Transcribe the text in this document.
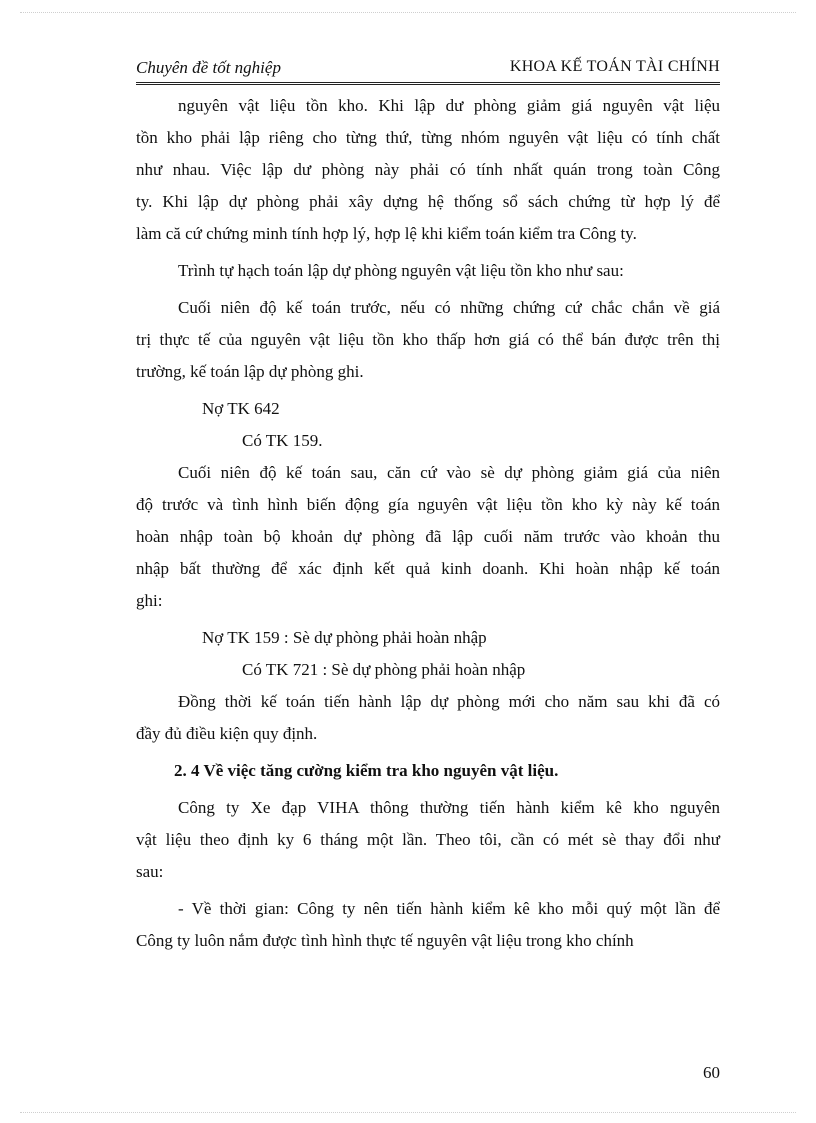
Chuyên đề tốt nghiệp	KHOA KẾ TOÁN TÀI CHÍNH

nguyên vật liệu tồn kho. Khi lập dư phòng giảm giá nguyên vật liệu

tồn kho phải lập riêng cho từng thứ, từng nhóm nguyên vật liệu có tính chất

như nhau. Việc lập dư phòng này phải có tính nhất quán trong toàn Công

ty. Khi lập dự phòng phải xây dựng hệ thống sổ sách chứng từ hợp lý để

làm că cứ chứng minh tính hợp lý, hợp lệ khi kiểm toán kiểm tra Công ty.

Trình tự hạch toán lập dự phòng nguyên vật liệu tồn kho như sau:

Cuối niên độ kế toán trước, nếu có những chứng cứ chắc chắn về giá

trị thực tế của nguyên vật liệu tồn kho thấp hơn giá có thể bán được trên thị

trường, kế toán lập dự phòng ghi.

Nợ TK 642

Có TK 159.

Cuối niên độ kế toán sau, căn cứ vào sè dự phòng giảm giá của niên

độ trước và tình hình biến động gía nguyên vật liệu tồn kho kỳ này kế toán

hoàn nhập toàn bộ khoản dự phòng đã lập cuối năm trước vào khoản thu

nhập bất thường để xác định kết quả kinh doanh. Khi hoàn nhập kế toán

ghi:

Nợ TK 159 : Sè dự phòng phải hoàn nhập

Có TK 721 : Sè dự phòng phải hoàn nhập

Đồng thời kế toán tiến hành lập dự phòng mới cho năm sau khi đã có

đầy đủ điều kiện quy định.

2. 4 Về việc tăng cường kiểm tra kho nguyên vật liệu.

Công ty Xe đạp VIHA thông thường tiến hành kiểm kê kho nguyên

vật liệu theo định ky 6 tháng một lần. Theo tôi, cần có mét sè thay đổi như

sau:

- Về thời gian: Công ty nên tiến hành kiểm kê kho mỗi quý một lần để

Công ty luôn nắm được tình hình thực tế nguyên vật liệu trong kho chính

60
